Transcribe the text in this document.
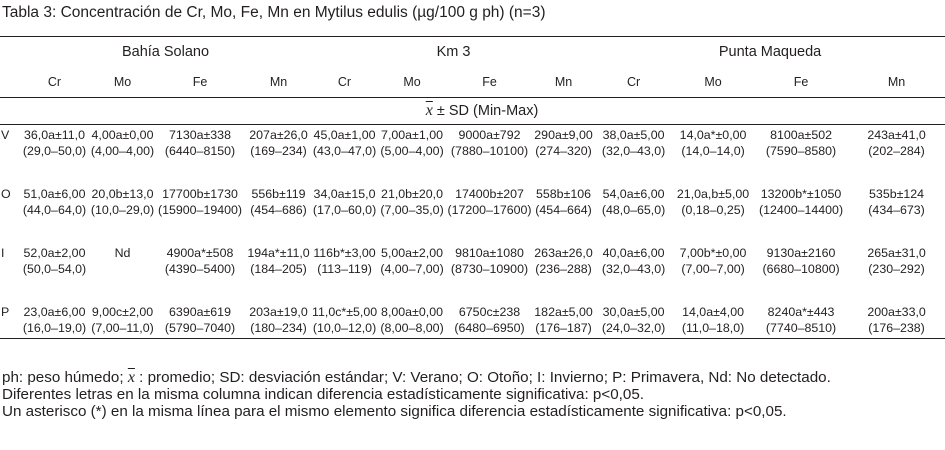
Tabla 3: Concentración de Cr, Mo, Fe, Mn en Mytilus edulis (µg/100 g ph) (n=3)
	Bahía Solano				Km 3				Punta Maqueda			
	Cr	Mo	Fe	Mn	Cr	Mo	Fe	Mn	Cr	Mo	Fe	Mn
	$\overline{x}$ ± SD (Min-Max)											
V	36,0a±11,0	4,00a±0,00	7130a±338	207a±26,0	45,0a±1,00	7,00a±1,00	9000a±792	290a±9,00	38,0a±5,00	14,0a*±0,00	8100a±502	243a±41,0
	(29,0–50,0)	(4,00–4,00)	(6440–8150)	(169–234)	(43,0–47,0)	(5,00–4,00)	(7880–10100)	(274–320)	(32,0–43,0)	(14,0–14,0)	(7590–8580)	(202–284)

O	51,0a±6,00	20,0b±13,0	17700b±1730	556b±119	34,0a±15,0	21,0b±20,0	17400b±207	558b±106	54,0a±6,00	21,0a,b±5,00	13200b*±1050	535b±124
	(44,0–64,0)	(10,0–29,0)	(15900–19400)	(454–686)	(17,0–60,0)	(7,00–35,0)	(17200–17600)	(454–664)	(48,0–65,0)	(0,18–0,25)	(12400–14400)	(434–673)

I	52,0a±2,00	Nd	4900a*±508	194a*±11,0	116b*±3,00	5,00a±2,00	9810a±1080	263a±26,0	40,0a±6,00	7,00b*±0,00	9130a±2160	265a±31,0
	(50,0–54,0)		(4390–5400)	(184–205)	(113–119)	(4,00–7,00)	(8730–10900)	(236–288)	(32,0–43,0)	(7,00–7,00)	(6680–10800)	(230–292)

P	23,0a±6,00	9,00c±2,00	6390a±619	203a±19,0	11,0c*±5,00	8,00a±0,00	6750c±238	182a±5,00	30,0a±5,00	14,0a±4,00	8240a*±443	200a±33,0
	(16,0–19,0)	(7,00–11,0)	(5790–7040)	(180–234)	(10,0–12,0)	(8,00–8,00)	(6480–6950)	(176–187)	(24,0–32,0)	(11,0–18,0)	(7740–8510)	(176–238)
ph: peso húmedo; $\overline{x}$ : promedio; SD: desviación estándar; V: Verano; O: Otoño; I: Invierno; P: Primavera, Nd: No detectado.
Diferentes letras en la misma columna indican diferencia estadísticamente significativa: p<0,05.
Un asterisco (*) en la misma línea para el mismo elemento significa diferencia estadísticamente significativa: p<0,05.
